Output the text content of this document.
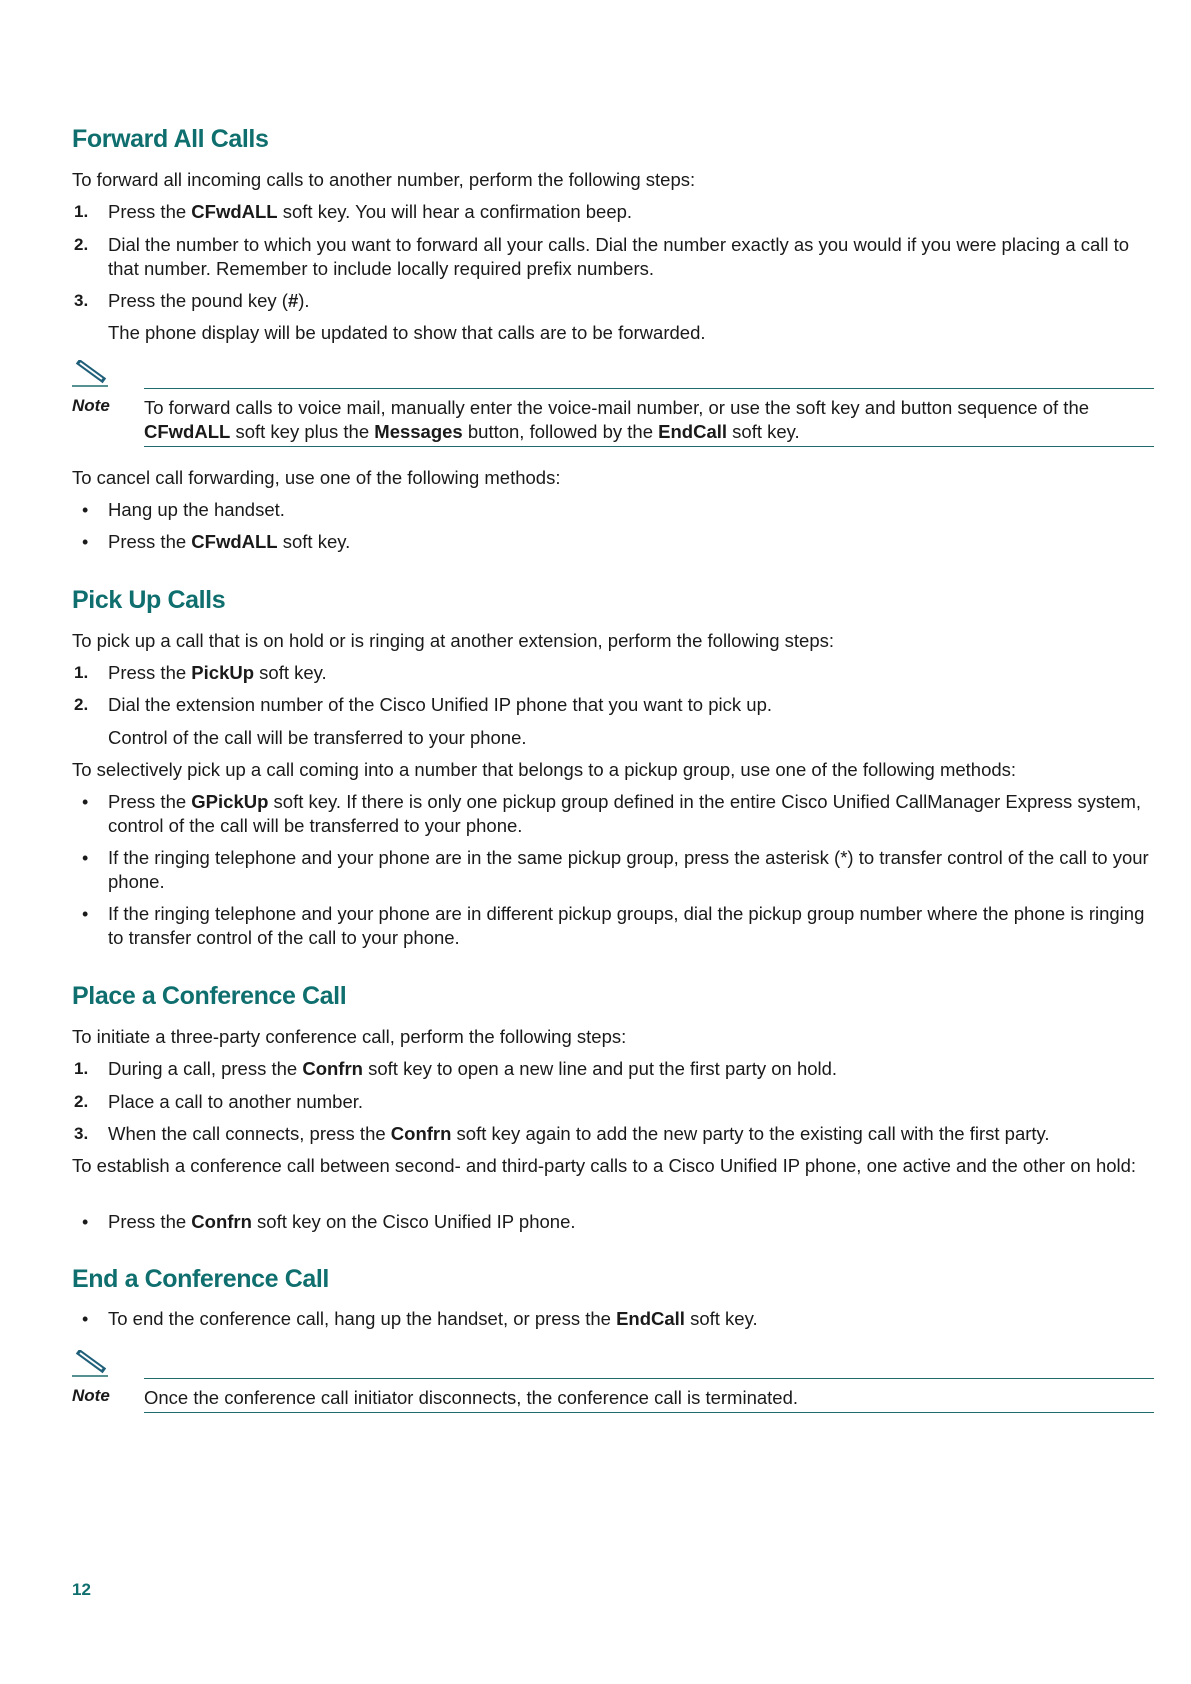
Forward All Calls

To forward all incoming calls to another number, perform the following steps:

1.	Press the CFwdALL soft key. You will hear a confirmation beep.
2.	Dial the number to which you want to forward all your calls. Dial the number exactly as you would if you were placing a call to that number. Remember to include locally required prefix numbers.
3.	Press the pound key (#).

The phone display will be updated to show that calls are to be forwarded.

Note To forward calls to voice mail, manually enter the voice-mail number, or use the soft key and button sequence of the CFwdALL soft key plus the Messages button, followed by the EndCall soft key.

To cancel call forwarding, use one of the following methods:

• Hang up the handset.
• Press the CFwdALL soft key.
Pick Up Calls

To pick up a call that is on hold or is ringing at another extension, perform the following steps:

1.	Press the PickUp soft key.
2.	Dial the extension number of the Cisco Unified IP phone that you want to pick up.

Control of the call will be transferred to your phone.

To selectively pick up a call coming into a number that belongs to a pickup group, use one of the following methods:

• Press the GPickUp soft key. If there is only one pickup group defined in the entire Cisco Unified CallManager Express system, control of the call will be transferred to your phone.
• If the ringing telephone and your phone are in the same pickup group, press the asterisk (*) to transfer control of the call to your phone.
• If the ringing telephone and your phone are in different pickup groups, dial the pickup group number where the phone is ringing to transfer control of the call to your phone.
Place a Conference Call

To initiate a three-party conference call, perform the following steps:

1.	During a call, press the Confrn soft key to open a new line and put the first party on hold.
2.	Place a call to another number.
3.	When the call connects, press the Confrn soft key again to add the new party to the existing call with the first party.

To establish a conference call between second- and third-party calls to a Cisco Unified IP phone, one active and the other on hold:

• Press the Confrn soft key on the Cisco Unified IP phone.
End a Conference Call
• To end the conference call, hang up the handset, or press the EndCall soft key.
Note Once the conference call initiator disconnects, the conference call is terminated.

12
